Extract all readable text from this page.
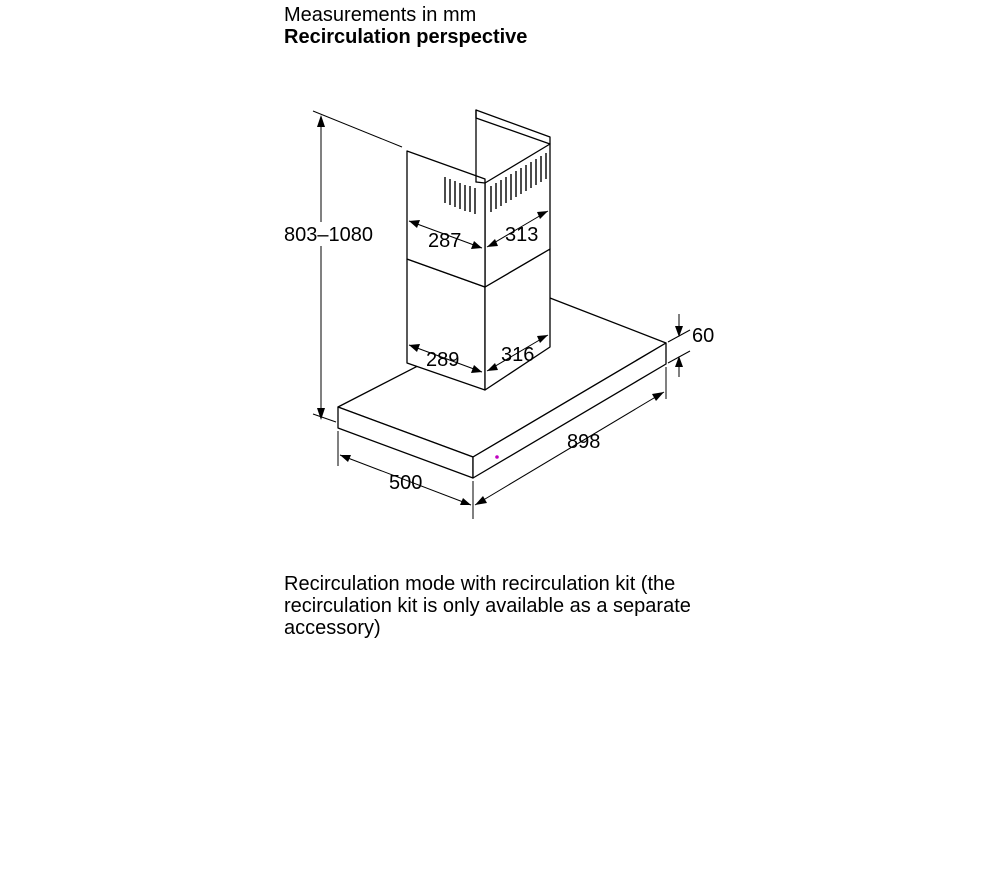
Measurements in mm
Recirculation perspective
803–1080	287 313
289 316
60
898
500
Recirculation mode with recirculation kit (the recirculation kit is only available as a separate accessory)
